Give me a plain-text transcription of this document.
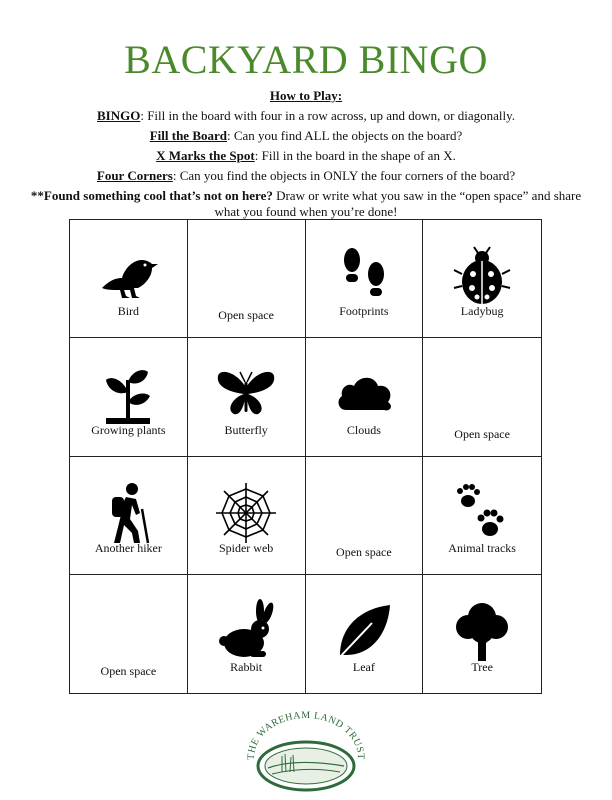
BACKYARD BINGO
How to Play:

BINGO: Fill in the board with four in a row across, up and down, or diagonally.

Fill the Board: Can you find ALL the objects on the board?

X Marks the Spot: Fill in the board in the shape of an X.

Four Corners: Can you find the objects in ONLY the four corners of the board?

**Found something cool that’s not on here? Draw or write what you saw in the “open space” and share what you found when you’re done!

Bird	Open space	Footprints	Ladybug
Growing plants	Butterfly	Clouds	Open space
Another hiker	Spider web	Open space	Animal tracks
Open space	Rabbit	Leaf	Tree
THE WAREHAM LAND TRUST
